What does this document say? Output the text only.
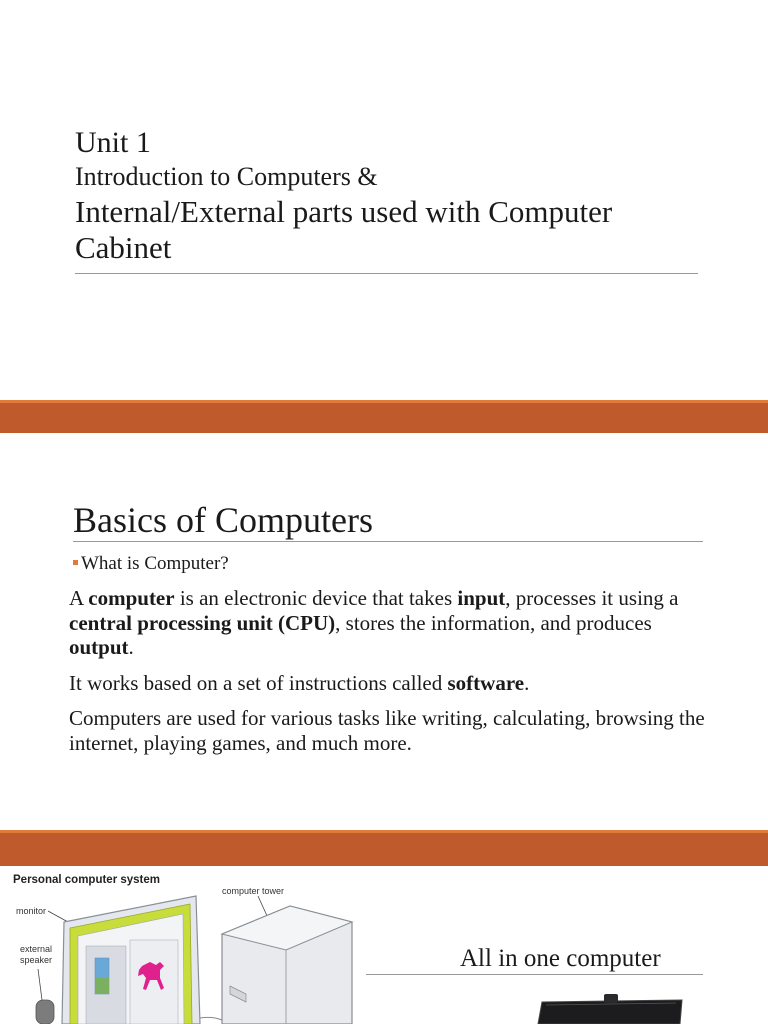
Unit 1
Introduction to Computers &
Internal/External parts used with Computer Cabinet
Basics of Computers
What is Computer?
A computer is an electronic device that takes input, processes it using a central processing unit (CPU), stores the information, and produces output.
It works based on a set of instructions called software.
Computers are used for various tasks like writing, calculating, browsing the internet, playing games, and much more.
Personal computer system
monitor
external
speaker
computer tower
All in one computer
